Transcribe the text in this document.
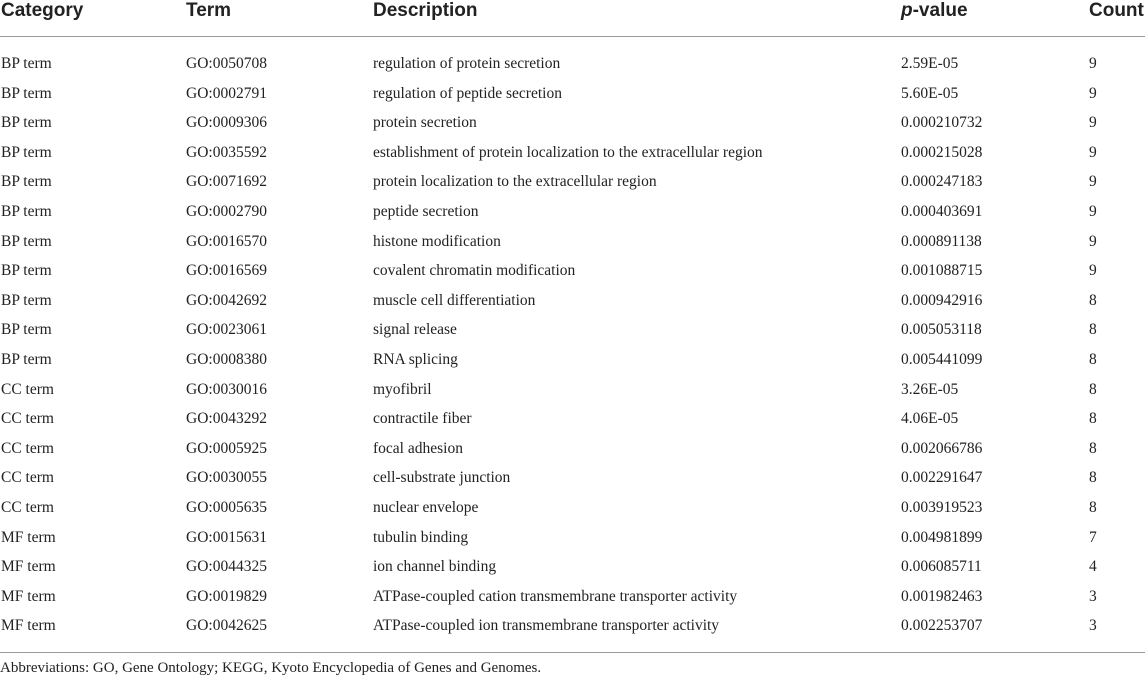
Category	Term	Description	p-value	Count
BP term	GO:0050708	regulation of protein secretion	2.59E-05	9
BP term	GO:0002791	regulation of peptide secretion	5.60E-05	9
BP term	GO:0009306	protein secretion	0.000210732	9
BP term	GO:0035592	establishment of protein localization to the extracellular region	0.000215028	9
BP term	GO:0071692	protein localization to the extracellular region	0.000247183	9
BP term	GO:0002790	peptide secretion	0.000403691	9
BP term	GO:0016570	histone modification	0.000891138	9
BP term	GO:0016569	covalent chromatin modification	0.001088715	9
BP term	GO:0042692	muscle cell differentiation	0.000942916	8
BP term	GO:0023061	signal release	0.005053118	8
BP term	GO:0008380	RNA splicing	0.005441099	8
CC term	GO:0030016	myofibril	3.26E-05	8
CC term	GO:0043292	contractile fiber	4.06E-05	8
CC term	GO:0005925	focal adhesion	0.002066786	8
CC term	GO:0030055	cell-substrate junction	0.002291647	8
CC term	GO:0005635	nuclear envelope	0.003919523	8
MF term	GO:0015631	tubulin binding	0.004981899	7
MF term	GO:0044325	ion channel binding	0.006085711	4
MF term	GO:0019829	ATPase-coupled cation transmembrane transporter activity	0.001982463	3
MF term	GO:0042625	ATPase-coupled ion transmembrane transporter activity	0.002253707	3
Abbreviations: GO, Gene Ontology; KEGG, Kyoto Encyclopedia of Genes and Genomes.
